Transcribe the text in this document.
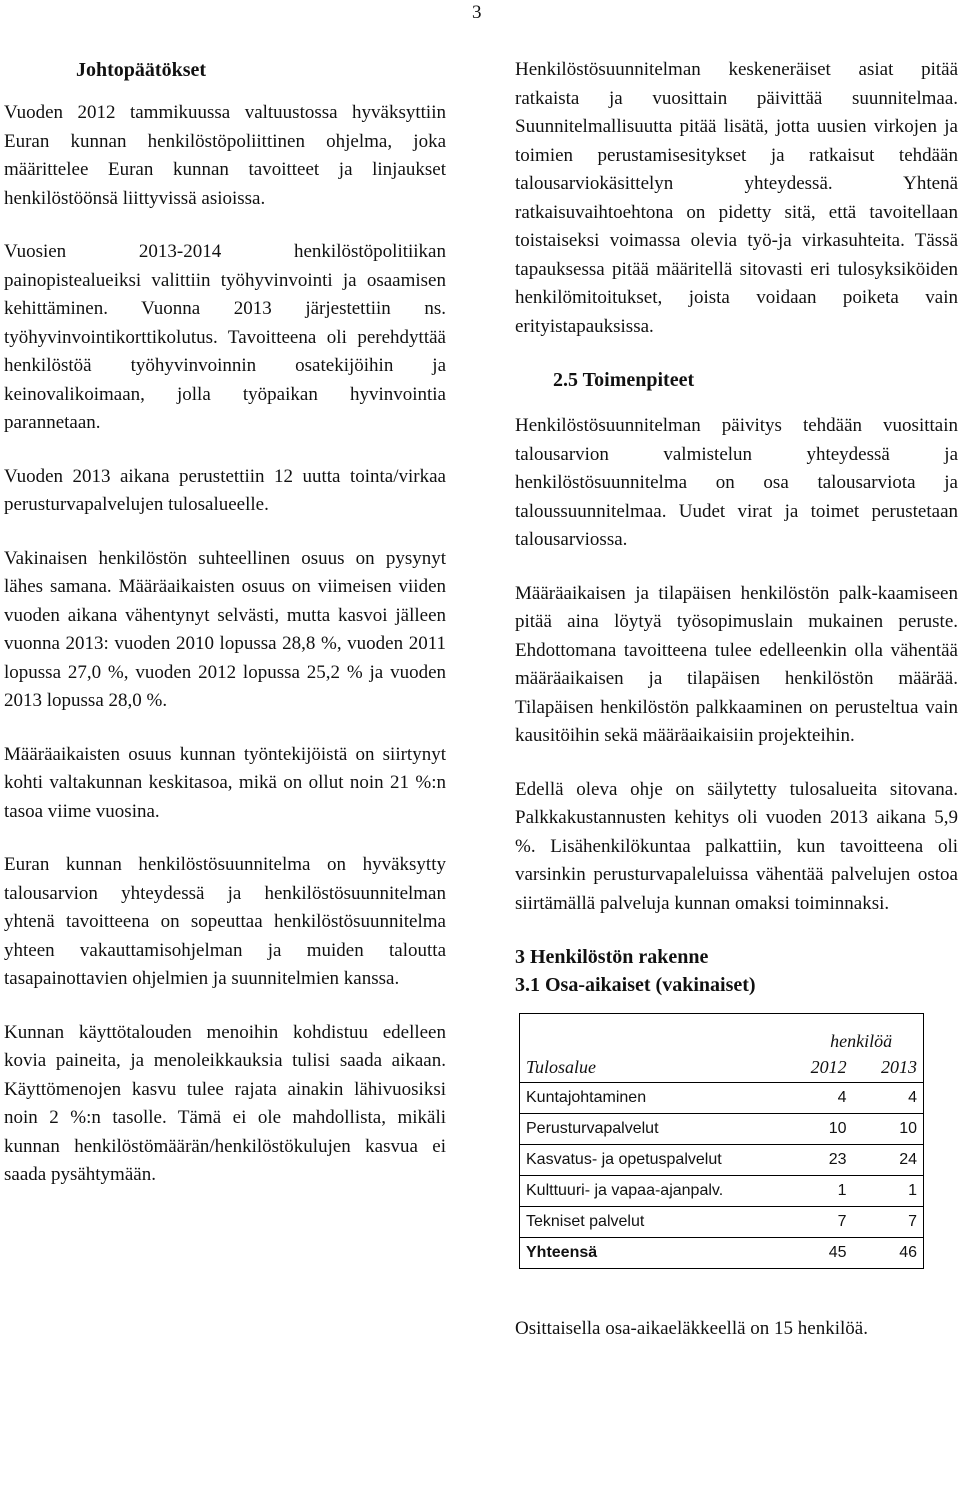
3
Johtopäätökset

Vuoden 2012 tammikuussa valtuustossa hyväksyttiin Euran kunnan henkilöstöpoliittinen ohjelma, joka määrittelee Euran kunnan tavoitteet ja linjaukset henkilöstöönsä liittyvissä asioissa.

Vuosien 2013-2014 henkilöstöpolitiikan painopistealueiksi valittiin työhyvinvointi ja osaamisen kehittäminen. Vuonna 2013 järjestettiin ns. työhyvinvointikorttikolutus. Tavoitteena oli perehdyttää henkilöstöä työhyvinvoinnin osatekijöihin ja keinovalikoimaan, jolla työpaikan hyvinvointia parannetaan.

Vuoden 2013 aikana perustettiin 12 uutta tointa/virkaa perusturvapalvelujen tulosalueelle.

Vakinaisen henkilöstön suhteellinen osuus on pysynyt lähes samana. Määräaikaisten osuus on viimeisen viiden vuoden aikana vähentynyt selvästi, mutta kasvoi jälleen vuonna 2013: vuoden 2010 lopussa 28,8 %, vuoden 2011 lopussa 27,0 %, vuoden 2012 lopussa 25,2 % ja vuoden 2013 lopussa 28,0 %.

Määräaikaisten osuus kunnan työntekijöistä on siirtynyt kohti valtakunnan keskitasoa, mikä on ollut noin 21 %:n tasoa viime vuosina.

Euran kunnan henkilöstösuunnitelma on hyväksytty talousarvion yhteydessä ja henkilöstösuunnitelman yhtenä tavoitteena on sopeuttaa henkilöstösuunnitelma yhteen vakauttamisohjelman ja muiden taloutta tasapainottavien ohjelmien ja suunnitelmien kanssa.

Kunnan käyttötalouden menoihin kohdistuu edelleen kovia paineita, ja menoleikkauksia tulisi saada aikaan. Käyttömenojen kasvu tulee rajata ainakin lähivuosiksi noin 2 %:n tasolle. Tämä ei ole mahdollista, mikäli kunnan henkilöstömäärän/henkilöstökulujen kasvua ei saada pysähtymään.

Henkilöstösuunnitelman keskeneräiset asiat pitää ratkaista ja vuosittain päivittää suunnitelmaa. Suunnitelmallisuutta pitää lisätä, jotta uusien virkojen ja toimien perustamisesitykset ja ratkaisut tehdään talousarviokäsittelyn yhteydessä. Yhtenä ratkaisuvaihtoehtona on pidetty sitä, että tavoitellaan toistaiseksi voimassa olevia työ-ja virkasuhteita. Tässä tapauksessa pitää määritellä sitovasti eri tulosyksiköiden henkilömitoitukset, joista voidaan poiketa vain erityistapauksissa.

2.5 Toimenpiteet

Henkilöstösuunnitelman päivitys tehdään vuosittain talousarvion valmistelun yhteydessä ja henkilöstösuunnitelma on osa talousarviota ja taloussuunnitelmaa. Uudet virat ja toimet perustetaan talousarviossa.

Määräaikaisen ja tilapäisen henkilöstön palk-kaamiseen pitää aina löytyä työsopimuslain mukainen peruste. Ehdottomana tavoitteena tulee edelleenkin olla vähentää määräaikaisen ja tilapäisen henkilöstön määrää. Tilapäisen henkilöstön palkkaaminen on perusteltua vain kausitöihin sekä määräaikaisiin projekteihin.

Edellä oleva ohje on säilytetty tulosalueita sitovana. Palkkakustannusten kehitys oli vuoden 2013 aikana 5,9 %. Lisähenkilökuntaa palkattiin, kun tavoitteena oli varsinkin perusturvapaleluissa vähentää palvelujen ostoa siirtämällä palveluja kunnan omaksi toiminnaksi.

3 Henkilöstön rakenne
3.1 Osa-aikaiset (vakinaiset)
	henkilöä	
Tulosalue	2012	2013
Kuntajohtaminen	4	4
Perusturvapalvelut	10	10
Kasvatus- ja opetuspalvelut	23	24
Kulttuuri- ja vapaa-ajanpalv.	1	1
Tekniset palvelut	7	7
Yhteensä	45	46

Osittaisella osa-aikaeläkkeellä on 15 henkilöä.
